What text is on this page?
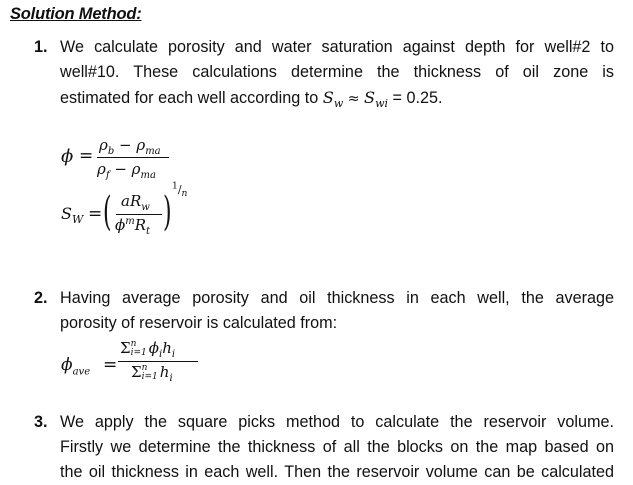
Solution Method:
1. We calculate porosity and water saturation against depth for well#2 to
well#10. These calculations determine the thickness of oil zone is
estimated for each well according to $S_w \approx S_{wi} = 0.25$.
ϕ =
$\rho_b - \rho_{ma}$
$\rho_f - \rho_{ma}$
$S_W$ = ( $aR_w$
$\phi^mR_t$ )
$^1/_n$
2. Having average porosity and oil thickness in each well, the average
porosity of reservoir is calculated from:
$\phi_{ave}$ =
Σ n
i=1 $\phi_ih_i$
Σ n
i=1 $h_i$
3. We apply the square picks method to calculate the reservoir volume.
Firstly we determine the thickness of all the blocks on the map based on
the oil thickness in each well. Then the reservoir volume can be calculated
